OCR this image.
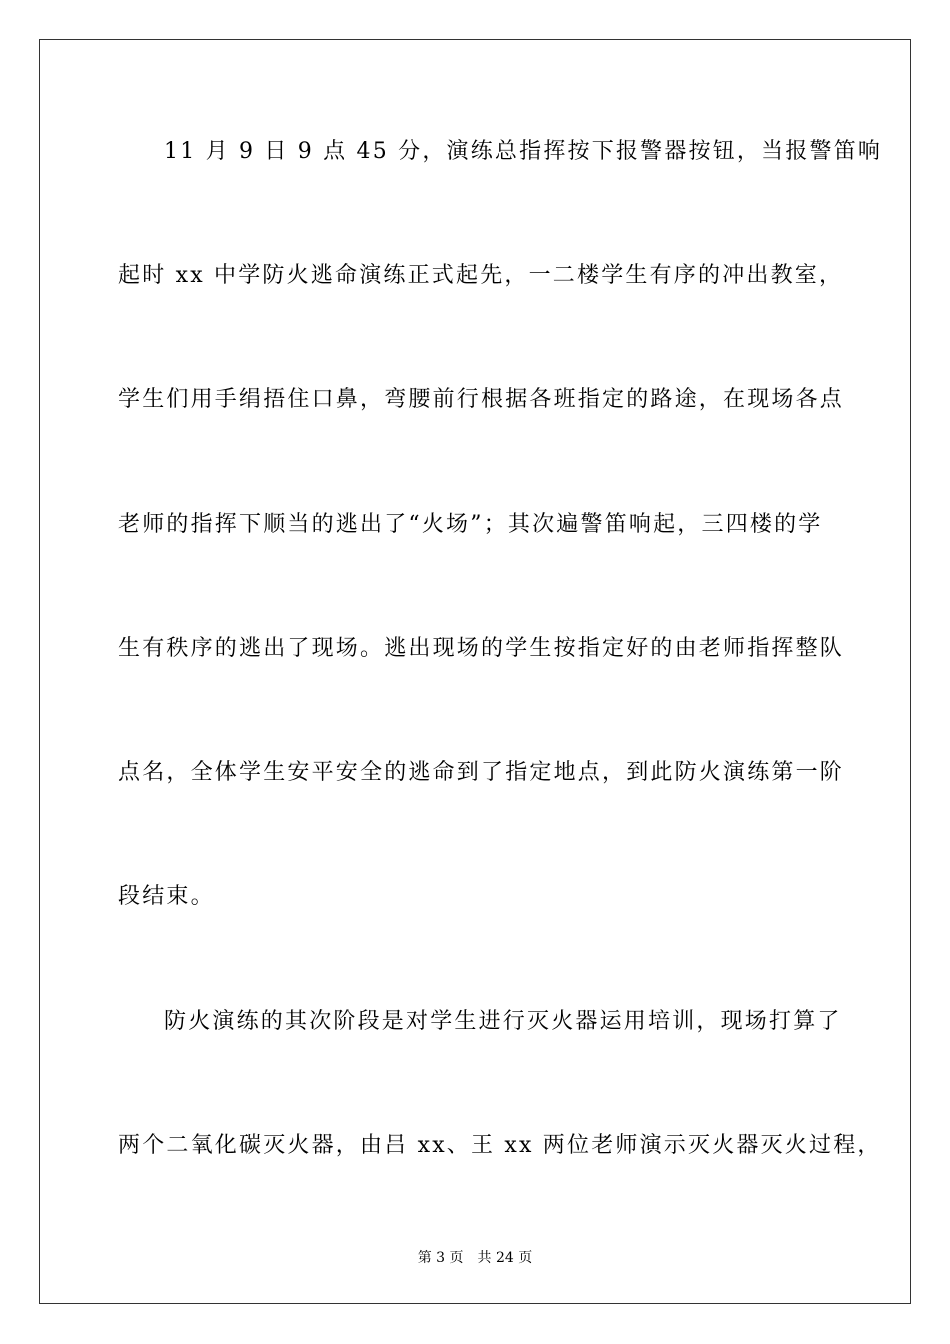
11 月 9 日 9 点 45 分，演练总指挥按下报警器按钮，当报警笛响
起时 xx 中学防火逃命演练正式起先，一二楼学生有序的冲出教室，
学生们用手绢捂住口鼻，弯腰前行根据各班指定的路途，在现场各点
老师的指挥下顺当的逃出了“火场”；其次遍警笛响起，三四楼的学
生有秩序的逃出了现场。逃出现场的学生按指定好的由老师指挥整队
点名，全体学生安平安全的逃命到了指定地点，到此防火演练第一阶
段结束。
防火演练的其次阶段是对学生进行灭火器运用培训，现场打算了
两个二氧化碳灭火器，由吕 xx、王 xx 两位老师演示灭火器灭火过程，
第 3 页 共 24 页
